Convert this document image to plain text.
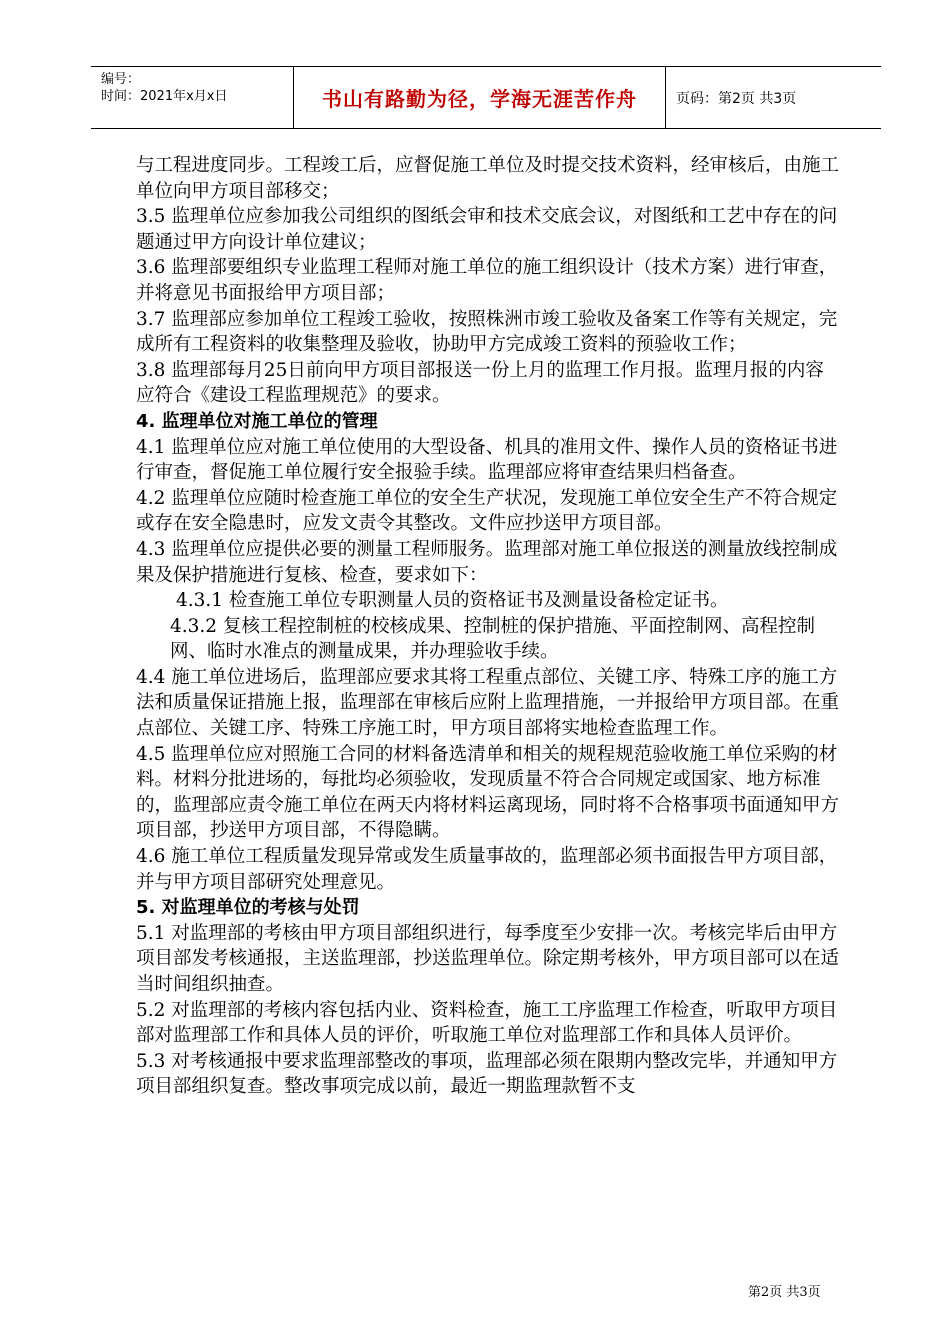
编号：
时间：2021年x月x日	书山有路勤为径，学海无涯苦作舟	页码：第2页 共3页

与工程进度同步。工程竣工后，应督促施工单位及时提交技术资料，经审核后，由施工单位向甲方项目部移交；

3.5 监理单位应参加我公司组织的图纸会审和技术交底会议，对图纸和工艺中存在的问题通过甲方向设计单位建议；

3.6 监理部要组织专业监理工程师对施工单位的施工组织设计（技术方案）进行审查，并将意见书面报给甲方项目部；

3.7 监理部应参加单位工程竣工验收，按照株洲市竣工验收及备案工作等有关规定，完成所有工程资料的收集整理及验收，协助甲方完成竣工资料的预验收工作；

3.8 监理部每月25日前向甲方项目部报送一份上月的监理工作月报。监理月报的内容应符合《建设工程监理规范》的要求。

4. 监理单位对施工单位的管理

4.1 监理单位应对施工单位使用的大型设备、机具的准用文件、操作人员的资格证书进行审查，督促施工单位履行安全报验手续。监理部应将审查结果归档备查。

4.2 监理单位应随时检查施工单位的安全生产状况，发现施工单位安全生产不符合规定或存在安全隐患时，应发文责令其整改。文件应抄送甲方项目部。

4.3 监理单位应提供必要的测量工程师服务。监理部对施工单位报送的测量放线控制成果及保护措施进行复核、检查，要求如下：

4.3.1 检查施工单位专职测量人员的资格证书及测量设备检定证书。

4.3.2 复核工程控制桩的校核成果、控制桩的保护措施、平面控制网、高程控制网、临时水准点的测量成果，并办理验收手续。

4.4 施工单位进场后，监理部应要求其将工程重点部位、关键工序、特殊工序的施工方法和质量保证措施上报，监理部在审核后应附上监理措施，一并报给甲方项目部。在重点部位、关键工序、特殊工序施工时，甲方项目部将实地检查监理工作。

4.5 监理单位应对照施工合同的材料备选清单和相关的规程规范验收施工单位采购的材料。材料分批进场的，每批均必须验收，发现质量不符合合同规定或国家、地方标准的，监理部应责令施工单位在两天内将材料运离现场，同时将不合格事项书面通知甲方项目部，抄送甲方项目部，不得隐瞒。

4.6 施工单位工程质量发现异常或发生质量事故的，监理部必须书面报告甲方项目部，并与甲方项目部研究处理意见。

5. 对监理单位的考核与处罚

5.1 对监理部的考核由甲方项目部组织进行，每季度至少安排一次。考核完毕后由甲方项目部发考核通报，主送监理部，抄送监理单位。除定期考核外，甲方项目部可以在适当时间组织抽查。

5.2 对监理部的考核内容包括内业、资料检查，施工工序监理工作检查，听取甲方项目部对监理部工作和具体人员的评价，听取施工单位对监理部工作和具体人员评价。

5.3 对考核通报中要求监理部整改的事项，监理部必须在限期内整改完毕，并通知甲方项目部组织复查。整改事项完成以前，最近一期监理款暂不支

第2页 共3页
